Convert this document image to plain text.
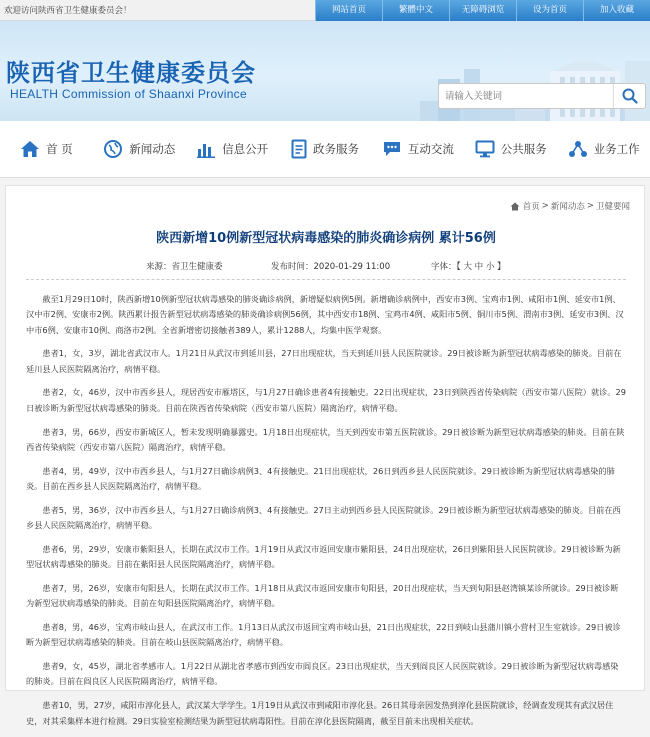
欢迎访问陕西省卫生健康委员会！	网站首页	繁體中文	无障碍浏览	设为首页	加入收藏
陕西省卫生健康委员会
HEALTH Commission of Shaanxi Province
请输入关键词
首 页	新闻动态	信息公开	政务服务	互动交流	公共服务	业务工作
首页 > 新闻动态 > 卫健要闻
陕西新增10例新型冠状病毒感染的肺炎确诊病例 累计56例
来源：省卫生健康委	发布时间：2020-01-29 11:00	字体：【 大 中 小 】

截至1月29日10时，陕西新增10例新型冠状病毒感染的肺炎确诊病例，新增疑似病例5例。新增确诊病例中，西安市3例、宝鸡市1例、咸阳市1例、延安市1例、汉中市2例、安康市2例。陕西累计报告新型冠状病毒感染的肺炎确诊病例56例，其中西安市18例、宝鸡市4例、咸阳市5例、铜川市5例、渭南市3例、延安市3例、汉中市6例、安康市10例、商洛市2例。全省新增密切接触者389人，累计1288人，均集中医学观察。

患者1，女，3岁，湖北省武汉市人。1月21日从武汉市到延川县，27日出现症状，当天到延川县人民医院就诊。29日被诊断为新型冠状病毒感染的肺炎。目前在延川县人民医院隔离治疗，病情平稳。

患者2，女，46岁，汉中市西乡县人，现居西安市雁塔区，与1月27日确诊患者4有接触史。22日出现症状，23日到陕西省传染病院（西安市第八医院）就诊。29日被诊断为新型冠状病毒感染的肺炎。目前在陕西省传染病院（西安市第八医院）隔离治疗，病情平稳。

患者3，男，66岁，西安市新城区人，暂未发现明确暴露史。1月18日出现症状，当天到西安市第五医院就诊。29日被诊断为新型冠状病毒感染的肺炎。目前在陕西省传染病院（西安市第八医院）隔离治疗，病情平稳。

患者4，男，49岁，汉中市西乡县人，与1月27日确诊病例3、4有接触史。21日出现症状，26日到西乡县人民医院就诊。29日被诊断为新型冠状病毒感染的肺炎。目前在西乡县人民医院隔离治疗，病情平稳。

患者5，男，36岁，汉中市西乡县人，与1月27日确诊病例3、4有接触史。27日主动到西乡县人民医院就诊。29日被诊断为新型冠状病毒感染的肺炎。目前在西乡县人民医院隔离治疗，病情平稳。

患者6，男，29岁，安康市紫阳县人，长期在武汉市工作。1月19日从武汉市返回安康市紫阳县，24日出现症状，26日到紫阳县人民医院就诊。29日被诊断为新型冠状病毒感染的肺炎。目前在紫阳县人民医院隔离治疗，病情平稳。

患者7，男，26岁，安康市旬阳县人，长期在武汉市工作。1月18日从武汉市返回安康市旬阳县，20日出现症状，当天到旬阳县赵湾镇某诊所就诊。29日被诊断为新型冠状病毒感染的肺炎。目前在旬阳县医院隔离治疗，病情平稳。

患者8，男，46岁，宝鸡市岐山县人，在武汉市工作。1月13日从武汉市返回宝鸡市岐山县，21日出现症状，22日到岐山县蒲川镇小营村卫生室就诊。29日被诊断为新型冠状病毒感染的肺炎。目前在岐山县医院隔离治疗，病情平稳。

患者9，女，45岁，湖北省孝感市人。1月22日从湖北省孝感市到西安市阎良区。23日出现症状，当天到阎良区人民医院就诊。29日被诊断为新型冠状病毒感染的肺炎。目前在阎良区人民医院隔离治疗，病情平稳。

患者10，男，27岁，咸阳市淳化县人，武汉某大学学生。1月19日从武汉市到咸阳市淳化县。26日其母亲因发热到淳化县医院就诊，经调查发现其有武汉居住史，对其采集样本进行检测。29日实验室检测结果为新型冠状病毒阳性。目前在淳化县医院隔离，截至目前未出现相关症状。
